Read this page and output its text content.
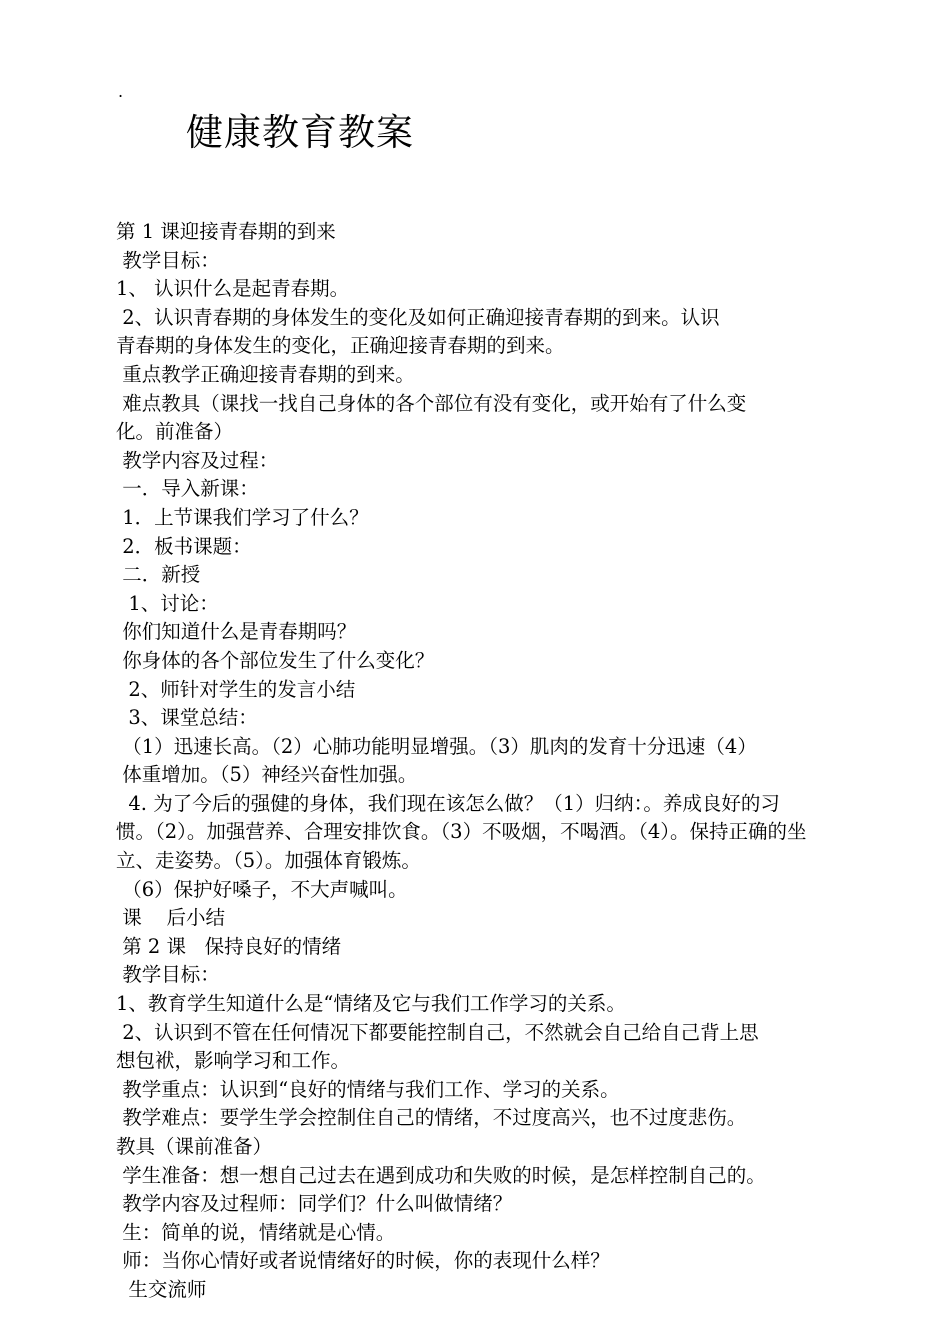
.
健康教育教案
第 1 课迎接青春期的到来
教学目标：
1、 认识什么是起青春期。
2、认识青春期的身体发生的变化及如何正确迎接青春期的到来。认识
青春期的身体发生的变化，正确迎接青春期的到来。
重点教学正确迎接青春期的到来。
难点教具（课找一找自己身体的各个部位有没有变化，或开始有了什么变
化。前准备）
教学内容及过程：
一．导入新课：
1．上节课我们学习了什么？
2．板书课题：
二．新授
1、讨论：
你们知道什么是青春期吗？
你身体的各个部位发生了什么变化？
2、师针对学生的发言小结
3、课堂总结：
（1）迅速长高。（2）心肺功能明显增强。（3）肌肉的发育十分迅速（4）
体重增加。（5）神经兴奋性加强。
4. 为了今后的强健的身体，我们现在该怎么做？（1）归纳：。养成良好的习
惯。（2）。加强营养、合理安排饮食。（3）不吸烟，不喝酒。（4）。保持正确的坐
立、走姿势。（5）。加强体育锻炼。
（6）保护好嗓子，不大声喊叫。
课    后小结
第 2 课   保持良好的情绪
教学目标：
1、教育学生知道什么是“情绪及它与我们工作学习的关系。
2、认识到不管在任何情况下都要能控制自己，不然就会自己给自己背上思
想包袱，影响学习和工作。
教学重点：认识到“良好的情绪与我们工作、学习的关系。
教学难点：要学生学会控制住自己的情绪，不过度高兴，也不过度悲伤。
教具（课前准备）
学生准备：想一想自己过去在遇到成功和失败的时候，是怎样控制自己的。
教学内容及过程师：同学们？什么叫做情绪？
生：简单的说，情绪就是心情。
师：当你心情好或者说情绪好的时候，你的表现什么样？
生交流师
